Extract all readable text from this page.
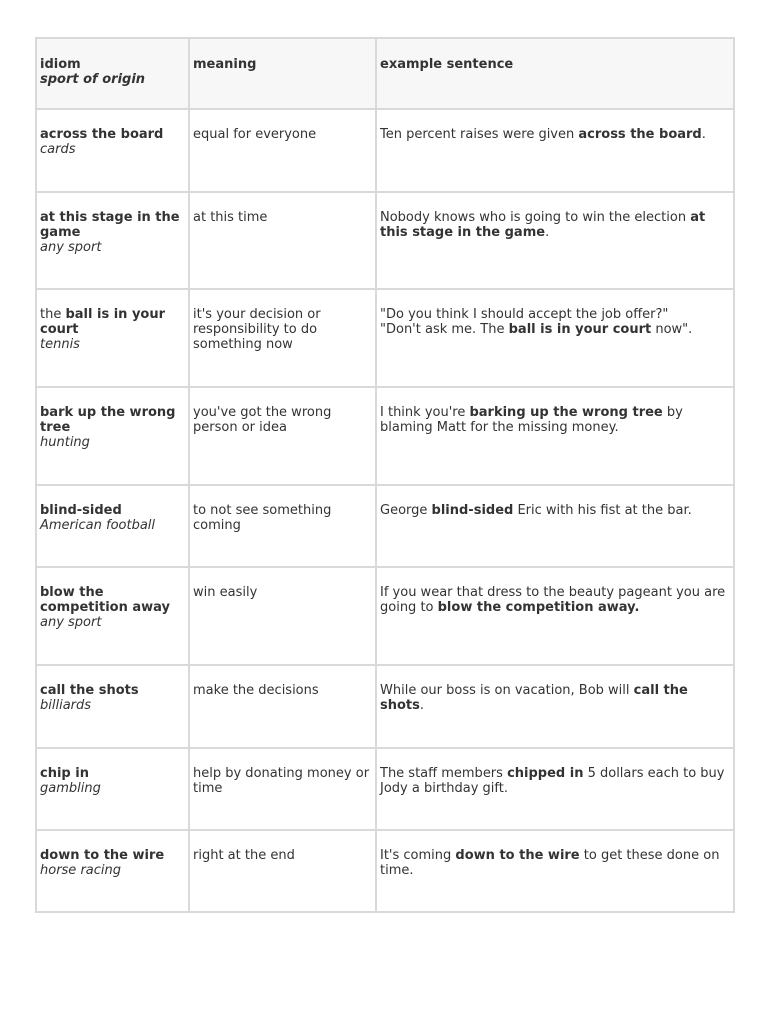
idiom
sport of origin	meaning	example sentence

across the board
cards	equal for everyone	Ten percent raises were given across the board.

at this stage in the game
any sport	at this time	Nobody knows who is going to win the election at this stage in the game.

the ball is in your court
tennis	it's your decision or responsibility to do something now	"Do you think I should accept the job offer?"
"Don't ask me. The ball is in your court now".

bark up the wrong tree
hunting	you've got the wrong person or idea	I think you're barking up the wrong tree by blaming Matt for the missing money.

blind-sided
American football	to not see something coming	George blind-sided Eric with his fist at the bar.

blow the competition away
any sport	win easily	If you wear that dress to the beauty pageant you are going to blow the competition away.

call the shots
billiards	make the decisions	While our boss is on vacation, Bob will call the shots.

chip in
gambling	help by donating money or time	The staff members chipped in 5 dollars each to buy Jody a birthday gift.

down to the wire
horse racing	right at the end	It's coming down to the wire to get these done on time.
